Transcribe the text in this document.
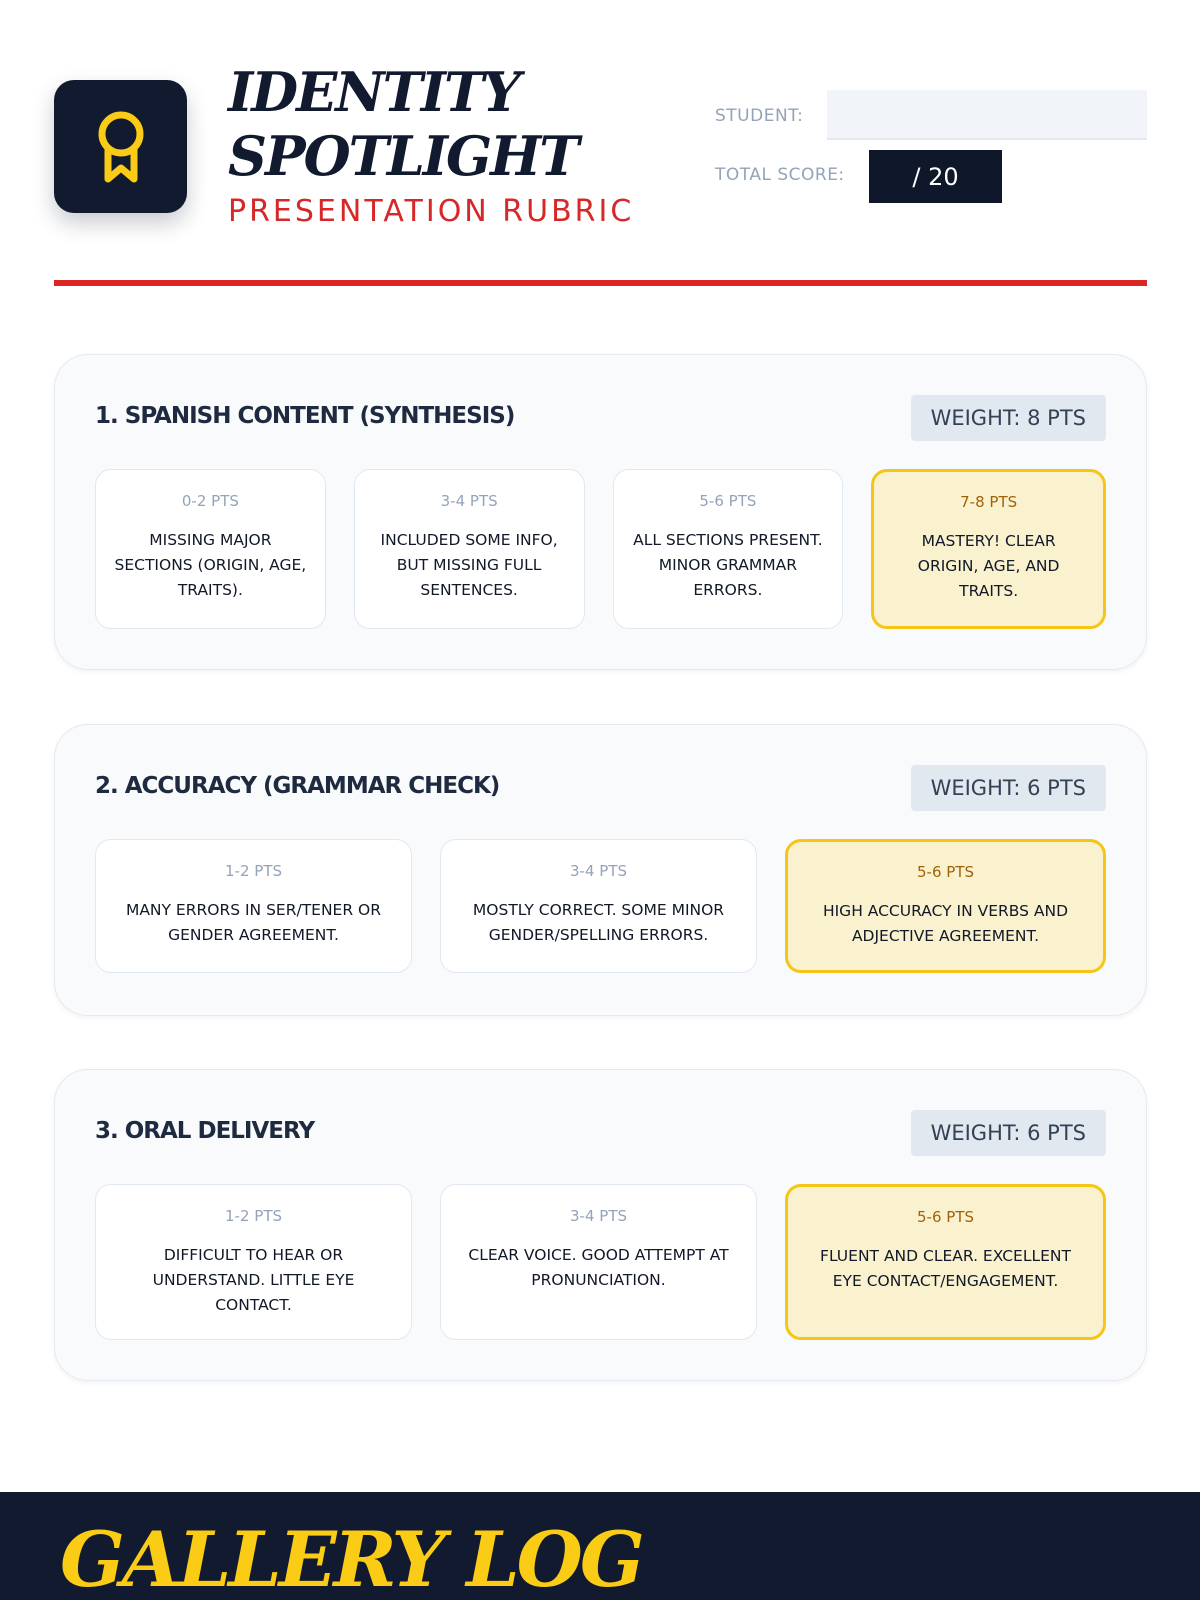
IDENTITY SPOTLIGHT
PRESENTATION RUBRIC
STUDENT:
TOTAL SCORE:	/ 20
1. SPANISH CONTENT (SYNTHESIS)	WEIGHT: 8 PTS
0-2 PTS
MISSING MAJOR SECTIONS (ORIGIN, AGE, TRAITS).
3-4 PTS
INCLUDED SOME INFO, BUT MISSING FULL SENTENCES.
5-6 PTS
ALL SECTIONS PRESENT. MINOR GRAMMAR ERRORS.
7-8 PTS
MASTERY! CLEAR ORIGIN, AGE, AND TRAITS.
2. ACCURACY (GRAMMAR CHECK)	WEIGHT: 6 PTS
1-2 PTS
MANY ERRORS IN SER/TENER OR GENDER AGREEMENT.
3-4 PTS
MOSTLY CORRECT. SOME MINOR GENDER/SPELLING ERRORS.
5-6 PTS
HIGH ACCURACY IN VERBS AND ADJECTIVE AGREEMENT.
3. ORAL DELIVERY	WEIGHT: 6 PTS
1-2 PTS
DIFFICULT TO HEAR OR UNDERSTAND. LITTLE EYE CONTACT.
3-4 PTS
CLEAR VOICE. GOOD ATTEMPT AT PRONUNCIATION.
5-6 PTS
FLUENT AND CLEAR. EXCELLENT EYE CONTACT/ENGAGEMENT.
GALLERY LOG
